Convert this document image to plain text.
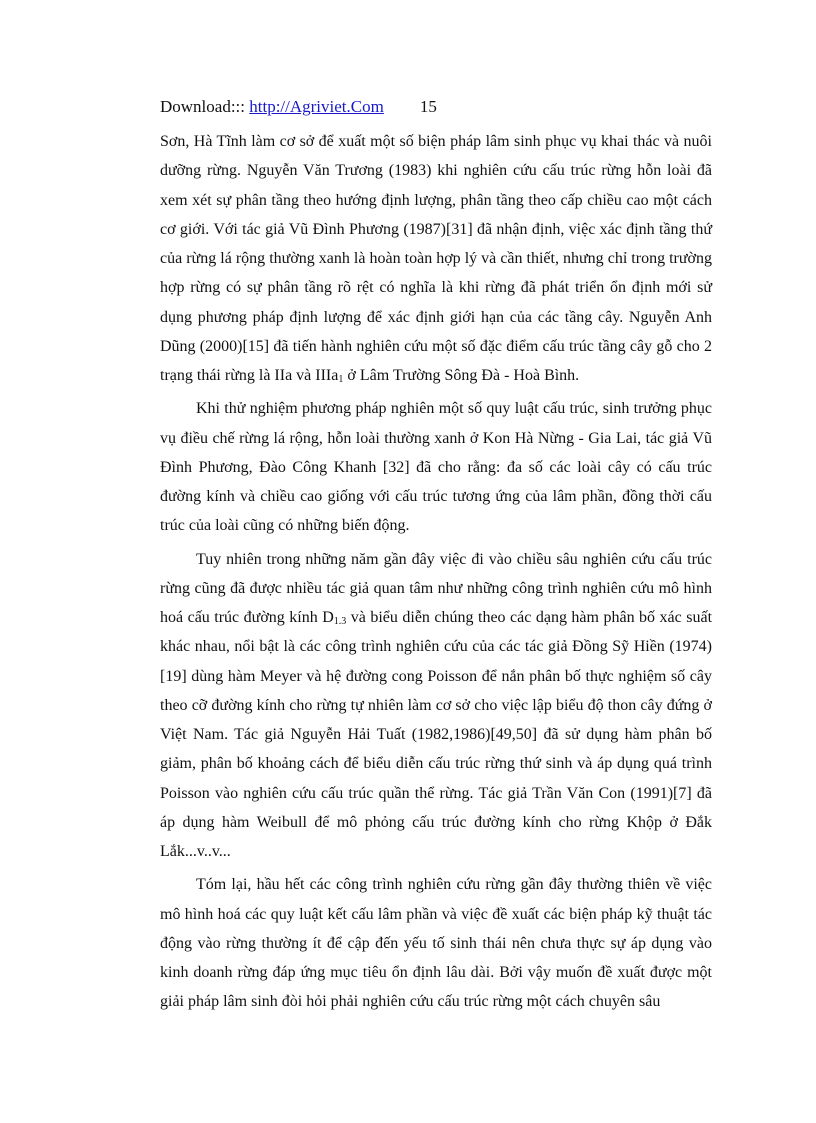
Download::: http://Agriviet.Com 15

Sơn, Hà Tĩnh làm cơ sở để xuất một số biện pháp lâm sinh phục vụ khai thác và nuôi dưỡng rừng. Nguyễn Văn Trương (1983) khi nghiên cứu cấu trúc rừng hỗn loài đã xem xét sự phân tầng theo hướng định lượng, phân tầng theo cấp chiều cao một cách cơ giới. Với tác giả Vũ Đình Phương (1987)[31] đã nhận định, việc xác định tầng thứ của rừng lá rộng thường xanh là hoàn toàn hợp lý và cần thiết, nhưng chỉ trong trường hợp rừng có sự phân tầng rõ rệt có nghĩa là khi rừng đã phát triển ổn định mới sử dụng phương pháp định lượng để xác định giới hạn của các tầng cây. Nguyễn Anh Dũng (2000)[15] đã tiến hành nghiên cứu một số đặc điểm cấu trúc tầng cây gỗ cho 2 trạng thái rừng là IIa và IIIa$_1$ ở Lâm Trường Sông Đà - Hoà Bình.

Khi thử nghiệm phương pháp nghiên một số quy luật cấu trúc, sinh trưởng phục vụ điều chế rừng lá rộng, hỗn loài thường xanh ở Kon Hà Nừng - Gia Lai, tác giả Vũ Đình Phương, Đào Công Khanh [32] đã cho rằng: đa số các loài cây có cấu trúc đường kính và chiều cao giống với cấu trúc tương ứng của lâm phần, đồng thời cấu trúc của loài cũng có những biến động.

Tuy nhiên trong những năm gần đây việc đi vào chiều sâu nghiên cứu cấu trúc rừng cũng đã được nhiều tác giả quan tâm như những công trình nghiên cứu mô hình hoá cấu trúc đường kính $D_{1.3}$ và biểu diễn chúng theo các dạng hàm phân bố xác suất khác nhau, nổi bật là các công trình nghiên cứu của các tác giả Đồng Sỹ Hiền (1974)[19] dùng hàm Meyer và hệ đường cong Poisson để nắn phân bố thực nghiệm số cây theo cỡ đường kính cho rừng tự nhiên làm cơ sở cho việc lập biểu độ thon cây đứng ở Việt Nam. Tác giả Nguyễn Hải Tuất (1982,1986)[49,50] đã sử dụng hàm phân bố giảm, phân bố khoảng cách để biểu diễn cấu trúc rừng thứ sinh và áp dụng quá trình Poisson vào nghiên cứu cấu trúc quần thể rừng. Tác giả Trần Văn Con (1991)[7] đã áp dụng hàm Weibull để mô phỏng cấu trúc đường kính cho rừng Khộp ở Đắk Lắk...v..v...

Tóm lại, hầu hết các công trình nghiên cứu rừng gần đây thường thiên về việc mô hình hoá các quy luật kết cấu lâm phần và việc đề xuất các biện pháp kỹ thuật tác động vào rừng thường ít để cập đến yếu tố sinh thái nên chưa thực sự áp dụng vào kinh doanh rừng đáp ứng mục tiêu ổn định lâu dài. Bởi vậy muốn đề xuất được một giải pháp lâm sinh đòi hỏi phải nghiên cứu cấu trúc rừng một cách chuyên sâu
